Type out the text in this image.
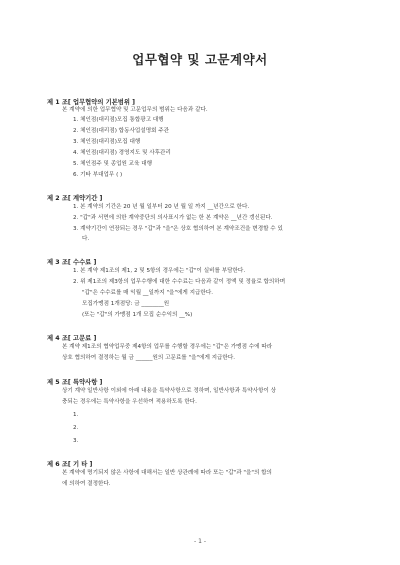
업무협약 및 고문계약서
제 1 조[ 업무협약의 기본범위 ]
본 계약에 의한 업무협약 및 고문업무의 범위는 다음과 같다.
1. 체인점(대리점)모집 통합광고 대행
2. 체인점(대리점) 합동사업설명회 주관
3. 체인점(대리점)모집 대행
4. 체인점(대리점) 경영지도 및 사후관리
5. 체인점주 및 종업원 교육 대행
6. 기타 부대업무 ( )
제 2 조[ 계약기간 ]
1. 본 계약의 기간은 20 년 월 일부터 20 년 월 일 까지 __년간으로 한다.
2. "갑"과 서면에 의한 계약중단의 의사표시가 없는 한 본 계약은 __년간 갱신된다.
3. 계약기간이 연장되는 경우 "갑"과 "을"은 상호 협의하여 본 계약조건을 변경할 수 있
다.
제 3 조[ 수수료 ]
1. 본 계약 제1조의 제1, 2 및 5항의 경우에는 "갑"이 실비를 부담한다.
2. 위 제1조의 제3항의 업무수행에 대한 수수료는 다음과 같이 정액 및 정율로 합의하며
"갑"은 수수료를 매 익월 __일까지 "을"에게 지급한다.
모집가맹점 1개점당: 금 ________원
(또는 "갑"의 가맹점 1개 모집 순수익의 __%)
제 4 조[ 고문료 ]
본 계약 제1조의 협약업무중 제4항의 업무를 수행할 경우에는 "갑"은 가맹점 수에 따라
상호 협의하여 결정하는 월 금 ______원의 고문료를 "을"에게 지급한다.
제 5 조[ 특약사항 ]
상기 계약 일반사항 이외에 아래 내용을 특약사항으로 정하며, 일반사항과 특약사항이 상
충되는 경우에는 특약사항을 우선하여 적용하도록 한다.
1.
2.
3.
제 6 조[ 기 타 ]
본 계약에 명기되지 않은 사항에 대해서는 일반 상관례에 따라 또는 "갑"과 "을"의 합의
에 의하여 결정한다.
- 1 -
